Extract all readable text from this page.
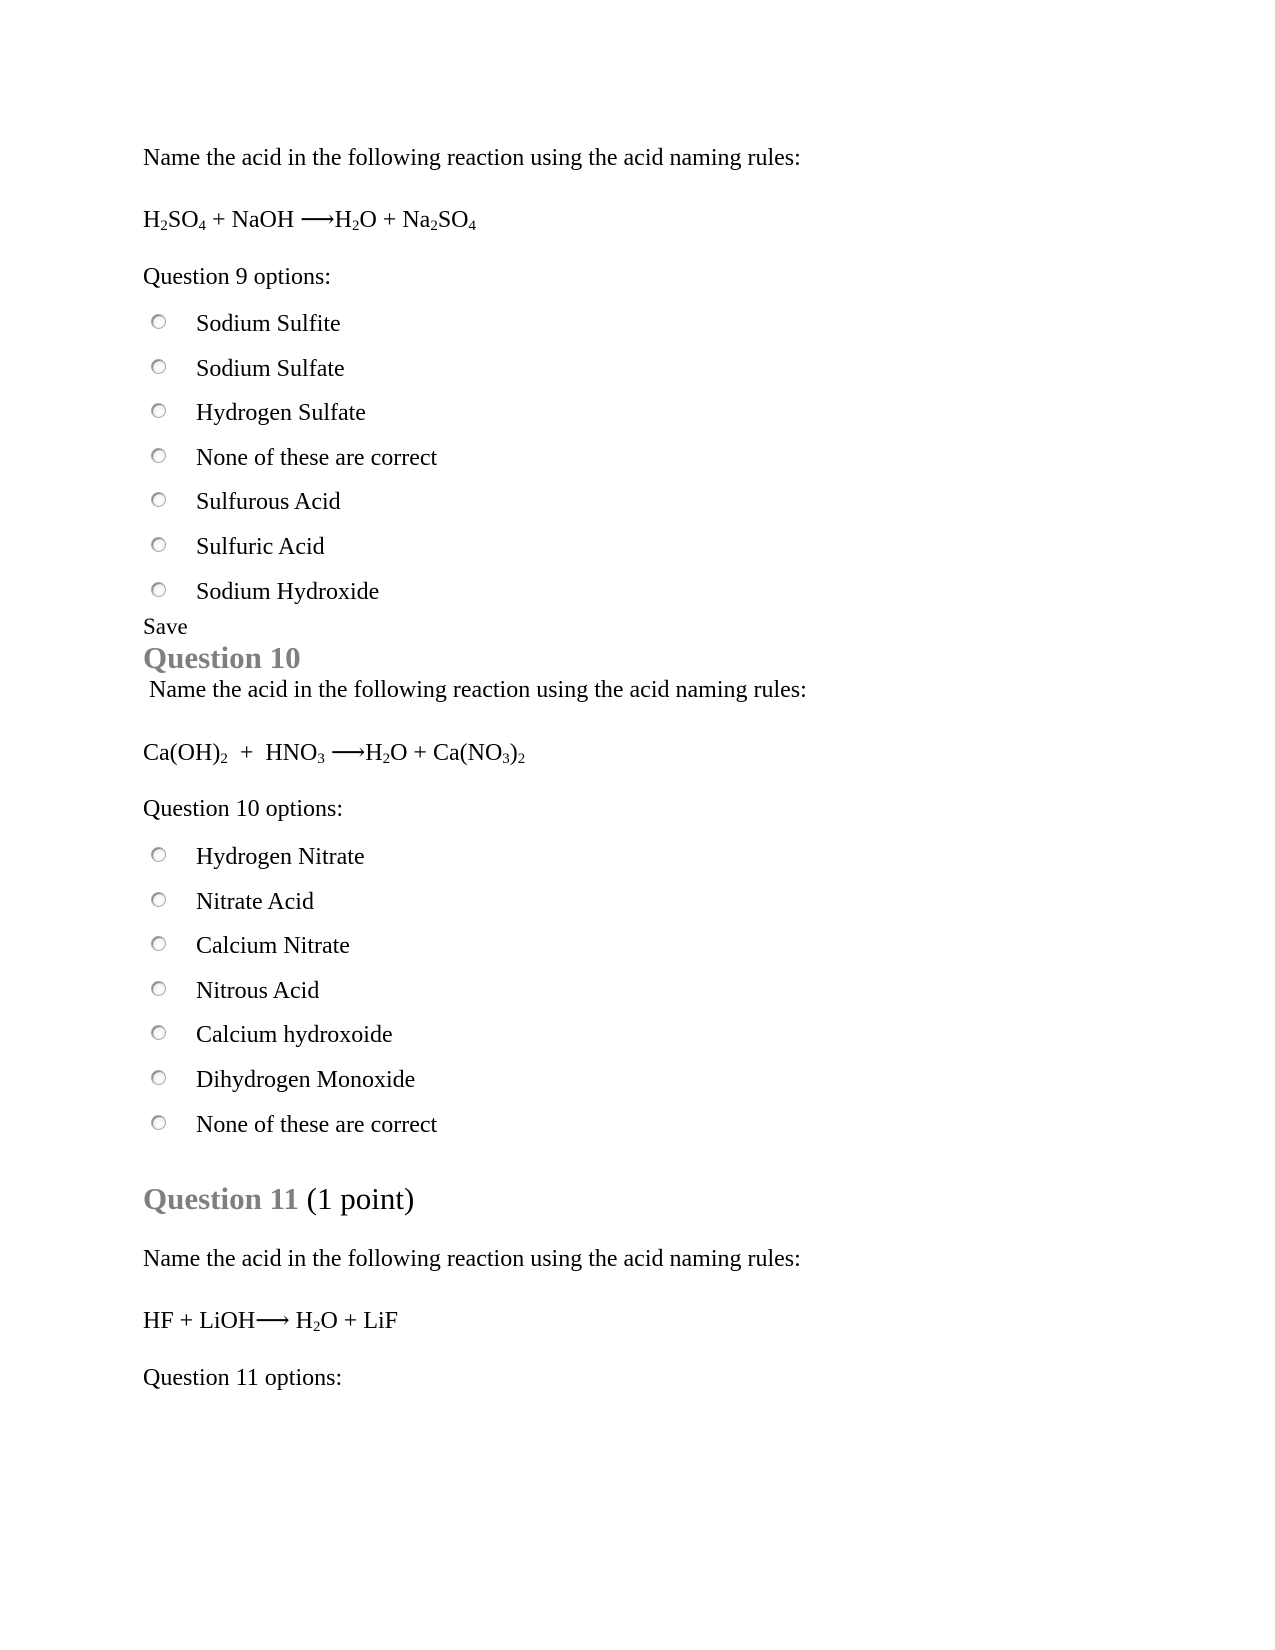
Name the acid in the following reaction using the acid naming rules:
$H_2SO_4$ + NaOH $⟶H_2O + Na_2SO_4$
Question 9 options:
Save
Question 10
Name the acid in the following reaction using the acid naming rules:
$Ca(OH)_2 + HNO_3$ $⟶H_2O + Ca(NO_3)_2$
Question 10 options:
Question 11 (1 point)
Name the acid in the following reaction using the acid naming rules:
HF + LiOH⟶ $H_2O$ + LiF
Question 11 options:
Sodium Sulfite
Sodium Sulfate
Hydrogen Sulfate
None of these are correct
Sulfurous Acid
Sulfuric Acid
Sodium Hydroxide
Hydrogen Nitrate
Nitrate Acid
Calcium Nitrate
Nitrous Acid
Calcium hydroxoide
Dihydrogen Monoxide
None of these are correct
